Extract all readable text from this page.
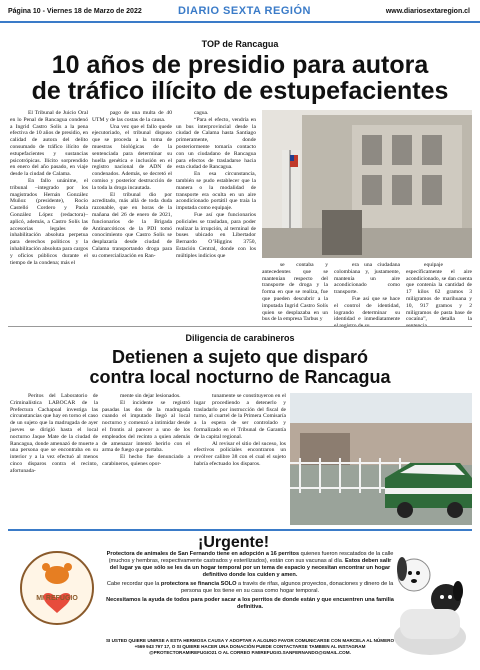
Página 10 - Viernes 18 de Marzo de 2022	DIARIO SEXTA REGIÓN	www.diariosextaregion.cl
TOP de Rancagua
10 años de presidio para autora
de tráfico ilícito de estupefacientes

El Tribunal de Juicio Oral en lo Penal de Rancagua condenó a Ingrid Castro Solís a la pena efectiva de 10 años de presidio, en calidad de autora del delito consumado de tráfico ilícito de estupefacientes y sustancias psicotrópicas. Ilícito sorprendido en enero del año pasado, en viaje desde la ciudad de Calama.

En fallo unánime, el tribunal –integrado por los magistrados Hernán González Muñoz (presidente), Rocío Castelló Cordero y Paola González López (redactora)– aplicó, además, a Castro Solís las accesorias legales de inhabilitación absoluta perpetua para derechos políticos y la inhabilitación absoluta para cargos y oficios públicos durante el tiempo de la condena; más el

pago de una multa de 40 UTM y de las costas de la causa.

Una vez que el fallo quede ejecutoriado, el tribunal dispuso que se proceda a la toma de muestras biológicas de la sentenciada para determinar su huella genética e inclusión en el registro nacional de ADN de condenados. Además, se decretó el comiso y posterior destrucción de la toda la droga incautada.

El tribunal dio por acreditado, más allá de toda duda razonable, que en horas de la mañana del 26 de enero de 2021, funcionarios de la Brigada Antinarcóticos de la PDI tomó conocimiento que Castro Solís se desplazaría desde ciudad de Calama transportando droga para su comercialización en Ran-

cagua.

“Para el efecto, vendría en un bus interprovincial desde la ciudad de Calama hasta Santiago primeramente, donde posteriormente tomaría contacto con un ciudadano de Rancagua para efectos de trasladarse hacia esta ciudad de Rancagua.

En esa circunstancia, también se pudo establecer que la manera o la modalidad de transporte era oculta en un aire acondicionado portátil que traía la imputada como equipaje.

Fue así que funcionarios policiales se trasladan, para poder realizar la irrupción, al terminal de buses ubicado en Libertador Bernardo O’Higgins 3750, Estación Central, donde con los múltiples indicios que

se contaba y antecedentes que se mantenían respecto del transporte de droga y la forma en que se realiza, fue que pueden descubrir a la imputada Ingrid Castro Solís quien se desplazaba en un bus de la empresa Tarbus y

era una ciudadana colombiana y, justamente, mantenía un aire acondicionado como transporte.

Fue así que se hace el control de identidad, logrando determinar su identidad e inmediatamente

equipaje específicamente el aire acondicionado, se dan cuenta que contenía la cantidad de 17 kilos 62 gramos 3 miligramos de marihuana y 10, 917 gramos y 2 miligramos de pasta base de cocaína”, detalla la

Diligencia de carabineros
Detienen a sujeto que disparó
contra local nocturno de Rancagua

Peritos del Laboratorio de Criminalística LABOCAR de la Prefectura Cachapoal investiga las circunstancias que hay en torno el caso de un sujeto que la madrugada de ayer jueves se dirigió hasta el local nocturno Jaque Mate de la ciudad de Rancagua, donde amenazó de muerte a una persona que se encontraba en su interior y a la vez efectuó al menos cinco disparos contra el recinto, afortunada-

mente sin dejar lesionados.

El incidente se registró pasadas las dos de la madrugada cuando el imputado llegó al local nocturno y comenzó a intimidar desde el frontis al parecer a uno de los empleados del recinto a quien además de amenazar intentó herirlo con el arma de fuego que portaba.

El hecho fue denunciado a carabineros, quienes opor-

tunamente se constituyeron en el lugar procediendo a detenerlo y trasladarlo por instrucción del fiscal de turno, al cuartel de la Primera Comisaría a la espera de ser controlado y formalizado en el Tribunal de Garantía de la capital regional.

Al revisar el sitio del suceso, los efectivos policiales encontraron un revólver calibre 38 con el cual el sujeto habría efectuado los disparos.

¡Urgente!
MI REFUGIO
Protectora de animales de San Fernando tiene en adopción a 16 perritos quienes fueron rescatados de la calle (muchos y hembras, respectivamente castrados y esterilizados), están con sus vacunas al día. Estos deben salir del lugar ya que sólo se les da un hogar temporal por un tema de espacio y necesitan encontrar un hogar definitivo donde los cuiden y amen.
Cabe recordar que la protectora se financia SOLO a través de rifas, algunos proyectos, donaciones y dinero de la persona que los tiene en su casa como hogar temporal.
Necesitamos la ayuda de todos para poder sacar a los perritos de donde están y que encuentren una familia definitiva.
SI USTED QUIERE UNIRSE A ESTA HERMOSA CAUSA Y ADOPTAR A ALGUNO FAVOR COMUNICARSE CON MARCELA AL NÚMERO +569 943 797 17, O SI QUIERE HACER UNA DONACIÓN PUEDE CONTACTARSE TAMBIEN AL INSTAGRAM @PROTECTORAMIREFUGIO21 O AL CORREO P.MIREFUGIO.SANFERNANDO@GMAIL.COM.
